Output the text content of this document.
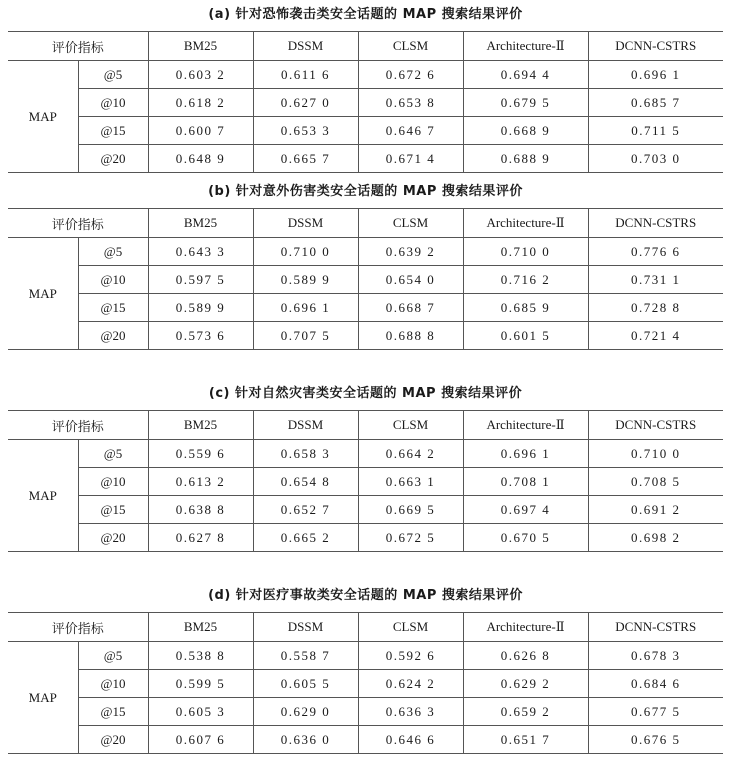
(a) 针对恐怖袭击类安全话题的 MAP 搜索结果评价
评价指标		BM25	DSSM	CLSM	Architecture-Ⅱ	DCNN-CSTRS
MAP	@5	0.603 2	0.611 6	0.672 6	0.694 4	0.696 1
	@10	0.618 2	0.627 0	0.653 8	0.679 5	0.685 7
	@15	0.600 7	0.653 3	0.646 7	0.668 9	0.711 5
	@20	0.648 9	0.665 7	0.671 4	0.688 9	0.703 0
(b) 针对意外伤害类安全话题的 MAP 搜索结果评价
评价指标		BM25	DSSM	CLSM	Architecture-Ⅱ	DCNN-CSTRS
MAP	@5	0.643 3	0.710 0	0.639 2	0.710 0	0.776 6
	@10	0.597 5	0.589 9	0.654 0	0.716 2	0.731 1
	@15	0.589 9	0.696 1	0.668 7	0.685 9	0.728 8
	@20	0.573 6	0.707 5	0.688 8	0.601 5	0.721 4
(c) 针对自然灾害类安全话题的 MAP 搜索结果评价
评价指标		BM25	DSSM	CLSM	Architecture-Ⅱ	DCNN-CSTRS
MAP	@5	0.559 6	0.658 3	0.664 2	0.696 1	0.710 0
	@10	0.613 2	0.654 8	0.663 1	0.708 1	0.708 5
	@15	0.638 8	0.652 7	0.669 5	0.697 4	0.691 2
	@20	0.627 8	0.665 2	0.672 5	0.670 5	0.698 2
(d) 针对医疗事故类安全话题的 MAP 搜索结果评价
评价指标		BM25	DSSM	CLSM	Architecture-Ⅱ	DCNN-CSTRS
MAP	@5	0.538 8	0.558 7	0.592 6	0.626 8	0.678 3
	@10	0.599 5	0.605 5	0.624 2	0.629 2	0.684 6
	@15	0.605 3	0.629 0	0.636 3	0.659 2	0.677 5
	@20	0.607 6	0.636 0	0.646 6	0.651 7	0.676 5
